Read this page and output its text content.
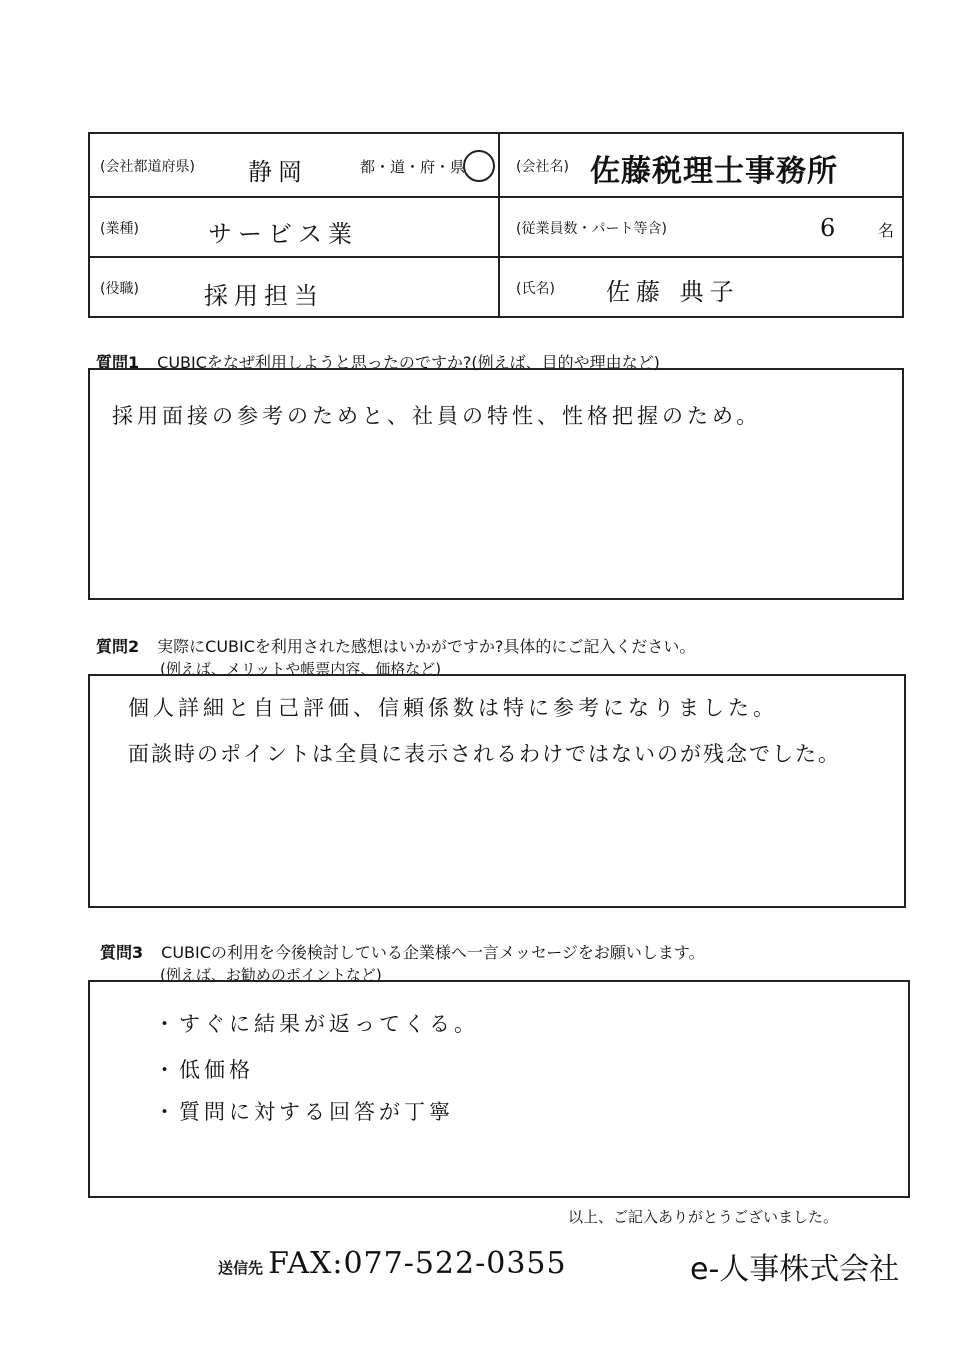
(会社都道府県) 静岡	都・道・府・県	(会社名) 佐藤税理士事務所
(業種)	サービス業	(従業員数・パート等含)	6 名
(役職)	採用担当	(氏名) 佐藤 典子
質問1 CUBICをなぜ利用しようと思ったのですか?(例えば、目的や理由など)
採用面接の参考のためと、社員の特性、性格把握のため。
質問2 実際にCUBICを利用された感想はいかがですか?具体的にご記入ください。
(例えば、メリットや帳票内容、価格など)
個人詳細と自己評価、信頼係数は特に参考になりました。
面談時のポイントは全員に表示されるわけではないのが残念でした。
質問3 CUBICの利用を今後検討している企業様へ一言メッセージをお願いします。
(例えば、お勧めのポイントなど)
・すぐに結果が返ってくる。
・低価格
・質問に対する回答が丁寧
以上、ご記入ありがとうございました。
送信先 FAX:077-522-0355	e-人事株式会社
